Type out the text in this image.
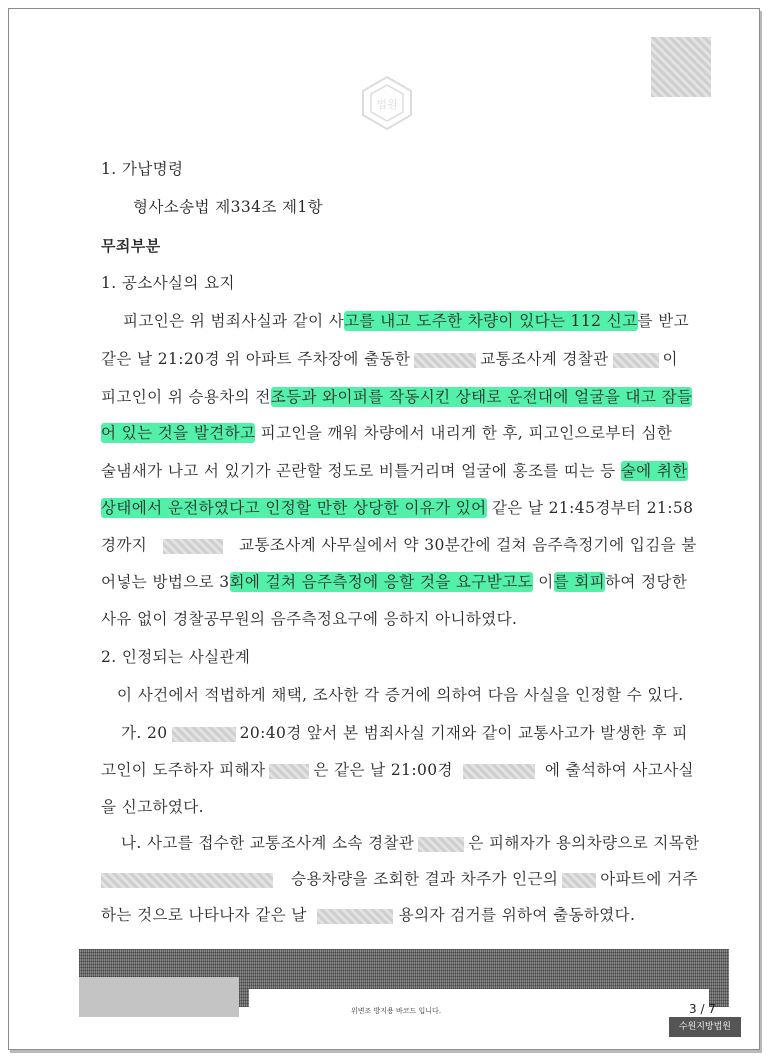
법원
1. 가납명령
형사소송법 제334조 제1항
무죄부분
1. 공소사실의 요지
피고인은 위 범죄사실과 같이 사고를 내고 도주한 차량이 있다는 112 신고를 받고
같은 날 21:20경 위 아파트 주차장에 출동한	교통조사계 경찰관	이
피고인이 위 승용차의 전조등과 와이퍼를 작동시킨 상태로 운전대에 얼굴을 대고 잠들
어 있는 것을 발견하고 피고인을 깨워 차량에서 내리게 한 후, 피고인으로부터 심한
술냄새가 나고 서 있기가 곤란할 정도로 비틀거리며 얼굴에 홍조를 띠는 등 술에 취한
상태에서 운전하였다고 인정할 만한 상당한 이유가 있어 같은 날 21:45경부터 21:58
경까지	교통조사계 사무실에서 약 30분간에 걸쳐 음주측정기에 입김을 불
어넣는 방법으로 3회에 걸쳐 음주측정에 응할 것을 요구받고도 이를 회피하여 정당한
사유 없이 경찰공무원의 음주측정요구에 응하지 아니하였다.
2. 인정되는 사실관계
이 사건에서 적법하게 채택, 조사한 각 증거에 의하여 다음 사실을 인정할 수 있다.
가. 20	20:40경 앞서 본 범죄사실 기재와 같이 교통사고가 발생한 후 피
고인이 도주하자 피해자	은 같은 날 21:00경	에 출석하여 사고사실
을 신고하였다.
나. 사고를 접수한 교통조사계 소속 경찰관	은 피해자가 용의차량으로 지목한
승용차량을 조회한 결과 차주가 인근의	아파트에 거주
하는 것으로 나타나자 같은 날	용의자 검거를 위하여 출동하였다.
위변조 방지용 바코드 입니다.	3 / 7
수원지방법원
